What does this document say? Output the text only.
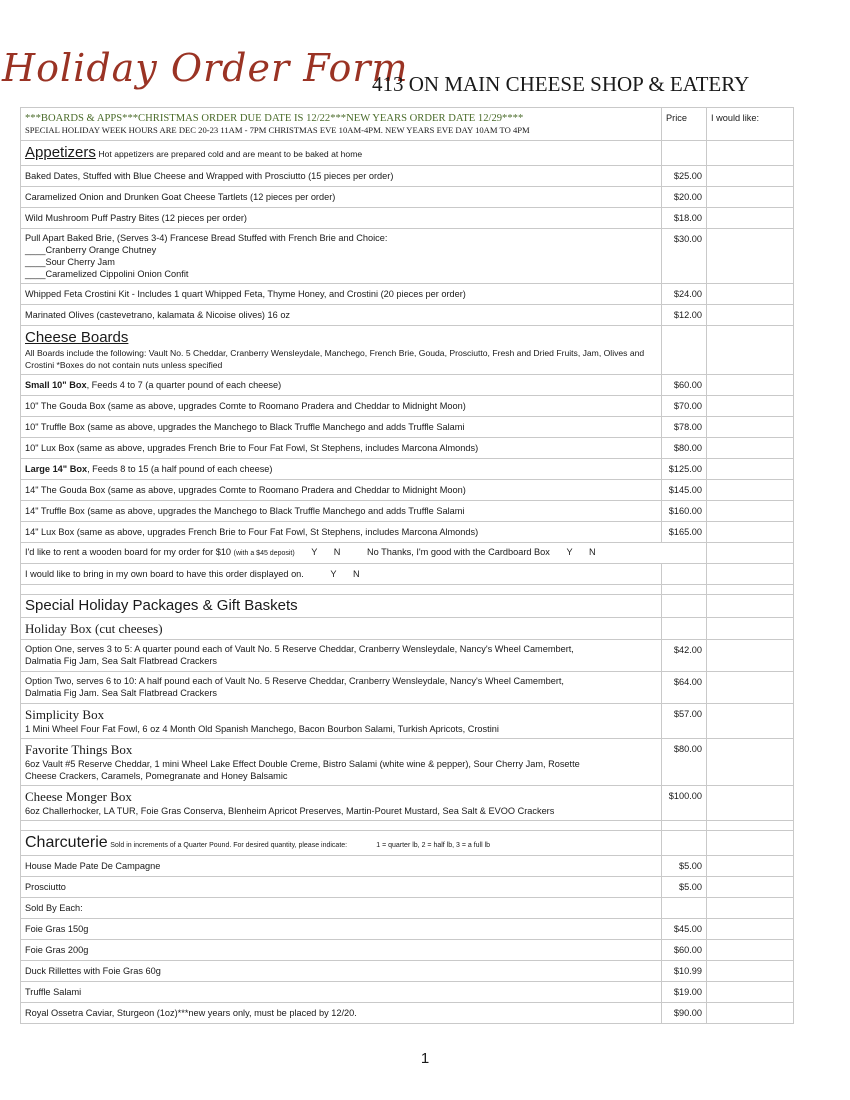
Holiday Order Form
413 ON MAIN CHEESE SHOP & EATERY
***BOARDS & APPS***CHRISTMAS ORDER DUE DATE IS 12/22***NEW YEARS ORDER DATE 12/29****
SPECIAL HOLIDAY WEEK HOURS ARE DEC 20-23 11AM - 7PM CHRISTMAS EVE 10AM-4PM. NEW YEARS EVE DAY 10AM TO 4PM	Price	I would like:
Appetizers Hot appetizers are prepared cold and are meant to be baked at home		
Baked Dates, Stuffed with Blue Cheese and Wrapped with Prosciutto (15 pieces per order)	$25.00	
Caramelized Onion and Drunken Goat Cheese Tartlets (12 pieces per order)	$20.00	
Wild Mushroom Puff Pastry Bites (12 pieces per order)	$18.00	

Pull Apart Baked Brie, (Serves 3-4) Francese Bread Stuffed with French Brie and Choice:
____Cranberry Orange Chutney
____Sour Cherry Jam
____Caramelized Cippolini Onion Confit	$30.00	
Whipped Feta Crostini Kit - Includes 1 quart Whipped Feta, Thyme Honey, and Crostini (20 pieces per order)	$24.00	
Marinated Olives (castevetrano, kalamata & Nicoise olives) 16 oz	$12.00	

Cheese Boards
All Boards include the following: Vault No. 5 Cheddar, Cranberry Wensleydale, Manchego, French Brie, Gouda, Prosciutto, Fresh and Dried Fruits, Jam, Olives and Crostini *Boxes do not contain nuts unless specified		

Small 10" Box, Feeds 4 to 7 (a quarter pound of each cheese)	$60.00	
10" The Gouda Box (same as above, upgrades Comte to Roomano Pradera and Cheddar to Midnight Moon)	$70.00	
10" Truffle Box (same as above, upgrades the Manchego to Black Truffle Manchego and adds Truffle Salami	$78.00	
10" Lux Box (same as above, upgrades French Brie to Four Fat Fowl, St Stephens, includes Marcona Almonds)	$80.00	
Large 14" Box, Feeds 8 to 15 (a half pound of each cheese)	$125.00	
14" The Gouda Box (same as above, upgrades Comte to Roomano Pradera and Cheddar to Midnight Moon)	$145.00	
14" Truffle Box (same as above, upgrades the Manchego to Black Truffle Manchego and adds Truffle Salami	$160.00	
14" Lux Box (same as above, upgrades French Brie to Four Fat Fowl, St Stephens, includes Marcona Almonds)	$165.00	
I'd like to rent a wooden board for my order for $10 (with a $45 deposit) Y N No Thanks, I'm good with the Cardboard Box Y N		
I would like to bring in my own board to have this order displayed on. Y N		

Special Holiday Packages & Gift Baskets		
Holiday Box (cut cheeses)		

Option One, serves 3 to 5: A quarter pound each of Vault No. 5 Reserve Cheddar, Cranberry Wensleydale, Nancy's Wheel Camembert,
Dalmatia Fig Jam, Sea Salt Flatbread Crackers	$42.00	

Option Two, serves 6 to 10: A half pound each of Vault No. 5 Reserve Cheddar, Cranberry Wensleydale, Nancy's Wheel Camembert,
Dalmatia Fig Jam. Sea Salt Flatbread Crackers	$64.00	

Simplicity Box
1 Mini Wheel Four Fat Fowl, 6 oz 4 Month Old Spanish Manchego, Bacon Bourbon Salami, Turkish Apricots, Crostini	$57.00	

Favorite Things Box
6oz Vault #5 Reserve Cheddar, 1 mini Wheel Lake Effect Double Creme, Bistro Salami (white wine & pepper), Sour Cherry Jam, Rosette
Cheese Crackers, Caramels, Pomegranate and Honey Balsamic	$80.00	

Cheese Monger Box
6oz Challerhocker, LA TUR, Foie Gras Conserva, Blenheim Apricot Preserves, Martin-Pouret Mustard, Sea Salt & EVOO Crackers	$100.00	

Charcuterie Sold in increments of a Quarter Pound. For desired quantity, please indicate: 1 = quarter lb, 2 = half lb, 3 = a full lb		
House Made Pate De Campagne	$5.00	
Prosciutto	$5.00	
Sold By Each:		
Foie Gras 150g	$45.00	
Foie Gras 200g	$60.00	
Duck Rillettes with Foie Gras 60g	$10.99	
Truffle Salami	$19.00	
Royal Ossetra Caviar, Sturgeon (1oz)***new years only, must be placed by 12/20.	$90.00	
1
